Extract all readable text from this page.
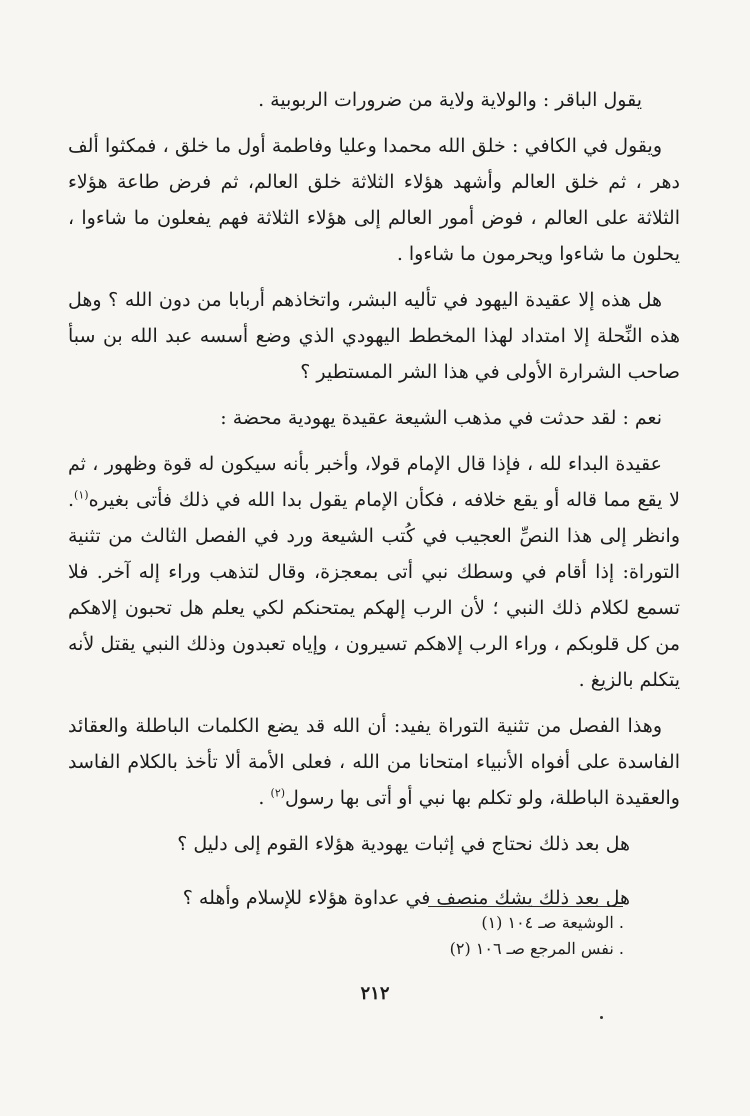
يقول الباقر : والولاية ولاية من ضرورات الربوبية .

ويقول في الكافي : خلق الله محمدا وعليا وفاطمة أول ما خلق ، فمكثوا ألف دهر ، ثم خلق العالم وأشهد هؤلاء الثلاثة خلق العالم، ثم فرض طاعة هؤلاء الثلاثة على العالم ، فوض أمور العالم إلى هؤلاء الثلاثة فهم يفعلون ما شاءوا ، يحلون ما شاءوا ويحرمون ما شاءوا .

هل هذه إلا عقيدة اليهود في تأليه البشر، واتخاذهم أربابا من دون الله ؟ وهل هذه النِّحلة إلا امتداد لهذا المخطط اليهودي الذي وضع أسسه عبد الله بن سبأ صاحب الشرارة الأولى في هذا الشر المستطير ؟

نعم : لقد حدثت في مذهب الشيعة عقيدة يهودية محضة :

عقيدة البداء لله ، فإذا قال الإمام قولا، وأخبر بأنه سيكون له قوة وظهور ، ثم لا يقع مما قاله أو يقع خلافه ، فكأن الإمام يقول بدا الله في ذلك فأتى بغيره$^{(١)}$. وانظر إلى هذا النصِّ العجيب في كُتب الشيعة ورد في الفصل الثالث من تثنية التوراة: إذا أقام في وسطك نبي أتى بمعجزة، وقال لتذهب وراء إله آخر. فلا تسمع لكلام ذلك النبي ؛ لأن الرب إلهكم يمتحنكم لكي يعلم هل تحبون إلاهكم من كل قلوبكم ، وراء الرب إلاهكم تسيرون ، وإياه تعبدون وذلك النبي يقتل لأنه يتكلم بالزيغ .

وهذا الفصل من تثنية التوراة يفيد: أن الله قد يضع الكلمات الباطلة والعقائد الفاسدة على أفواه الأنبياء امتحانا من الله ، فعلى الأمة ألا تأخذ بالكلام الفاسد والعقيدة الباطلة، ولو تكلم بها نبي أو أتى بها رسول$^{(٢)}$ .

هل بعد ذلك نحتاج في إثبات يهودية هؤلاء القوم إلى دليل ؟

هل بعد ذلك يشك منصف في عداوة هؤلاء للإسلام وأهله ؟

(١) الوشيعة صـ ١٠٤ .
(٢) نفس المرجع صـ ١٠٦ .
٢١٢
